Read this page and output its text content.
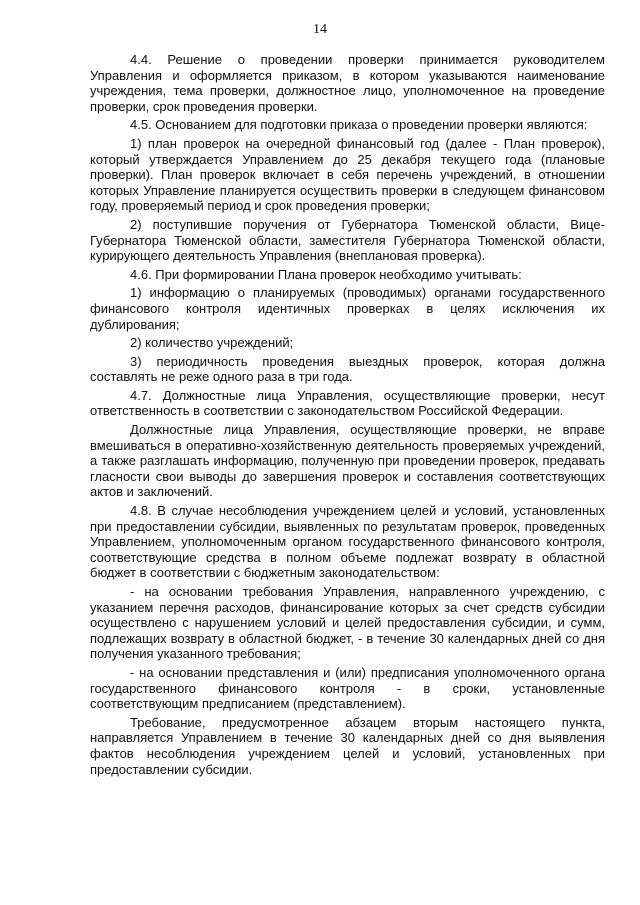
14

4.4. Решение о проведении проверки принимается руководителем Управления и оформляется приказом, в котором указываются наименование учреждения, тема проверки, должностное лицо, уполномоченное на проведение проверки, срок проведения проверки.

4.5. Основанием для подготовки приказа о проведении проверки являются:

1) план проверок на очередной финансовый год (далее - План проверок), который утверждается Управлением до 25 декабря текущего года (плановые проверки). План проверок включает в себя перечень учреждений, в отношении которых Управление планируется осуществить проверки в следующем финансовом году, проверяемый период и срок проведения проверки;

2) поступившие поручения от Губернатора Тюменской области, Вице-Губернатора Тюменской области, заместителя Губернатора Тюменской области, курирующего деятельность Управления (внеплановая проверка).

4.6. При формировании Плана проверок необходимо учитывать:

1) информацию о планируемых (проводимых) органами государственного финансового контроля идентичных проверках в целях исключения их дублирования;

2) количество учреждений;

3) периодичность проведения выездных проверок, которая должна составлять не реже одного раза в три года.

4.7. Должностные лица Управления, осуществляющие проверки, несут ответственность в соответствии с законодательством Российской Федерации.

Должностные лица Управления, осуществляющие проверки, не вправе вмешиваться в оперативно-хозяйственную деятельность проверяемых учреждений, а также разглашать информацию, полученную при проведении проверок, предавать гласности свои выводы до завершения проверок и составления соответствующих актов и заключений.

4.8. В случае несоблюдения учреждением целей и условий, установленных при предоставлении субсидии, выявленных по результатам проверок, проведенных Управлением, уполномоченным органом государственного финансового контроля, соответствующие средства в полном объеме подлежат возврату в областной бюджет в соответствии с бюджетным законодательством:

- на основании требования Управления, направленного учреждению, с указанием перечня расходов, финансирование которых за счет средств субсидии осуществлено с нарушением условий и целей предоставления субсидии, и сумм, подлежащих возврату в областной бюджет, - в течение 30 календарных дней со дня получения указанного требования;

- на основании представления и (или) предписания уполномоченного органа государственного финансового контроля - в сроки, установленные соответствующим предписанием (представлением).

Требование, предусмотренное абзацем вторым настоящего пункта, направляется Управлением в течение 30 календарных дней со дня выявления фактов несоблюдения учреждением целей и условий, установленных при предоставлении субсидии.
